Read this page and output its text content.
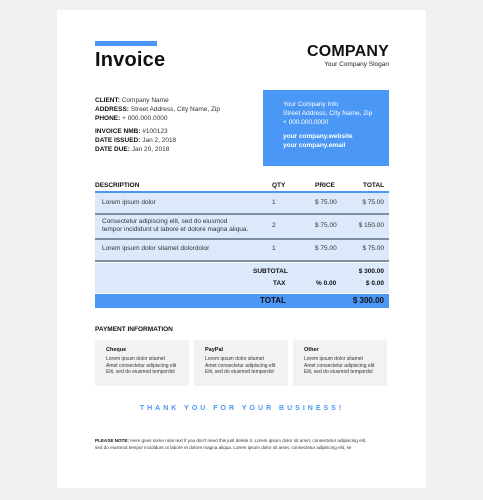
Invoice	COMPANY
Your Company Slogan
CLIENT: Company Name
ADDRESS: Street Address, City Name, Zip
PHONE: + 000.000.0000
INVOICE NMB: #100123
DATE ISSUED: Jan 2, 2018
DATE DUE: Jan 20, 2018
Your Company Info
Street Address, City Name, Zip
+ 000.000.0000
your company.website
your company.email
DESCRIPTION	QTY	PRICE	TOTAL
Lorem ipsum dolor	1	$ 75.00	$ 75.00
Consectetur adipiscing elit, sed do eiusmod
tempor incididunt ut labore et dolore magna aliqua.
2	$ 75.00	$ 150.00
Lorem ipsum dolor sitamet dolordolor	1	$ 75.00	$ 75.00
SUBTOTAL	$ 300.00
TAX	% 0.00	$ 0.00
TOTAL	$ 300.00
PAYMENT INFORMATION
Cheque
Lorem ipsum dolor sitamet
Amet consectetur adipiscing elit
Elit, sed do eiusmod tempordol
PayPal
Lorem ipsum dolor sitamet
Amet consectetur adipiscing elit
Elit, sed do eiusmod tempordol
Other
Lorem ipsum dolor sitamet
Amet consectetur adipiscing elit
Elit, sed do eiusmod tempordol
THANK YOU FOR YOUR BUSINESS!
PLEASE NOTE: Here goes some note text if you don't need this just delete it. Lorem ipsum dolor sit amet, consectetur adipiscing elit,
sed do eiusmod tempor incididunt ut labore et dolore magna aliqua. Lorem ipsum dolor sit amet, consectetur adipiscing elit, se
